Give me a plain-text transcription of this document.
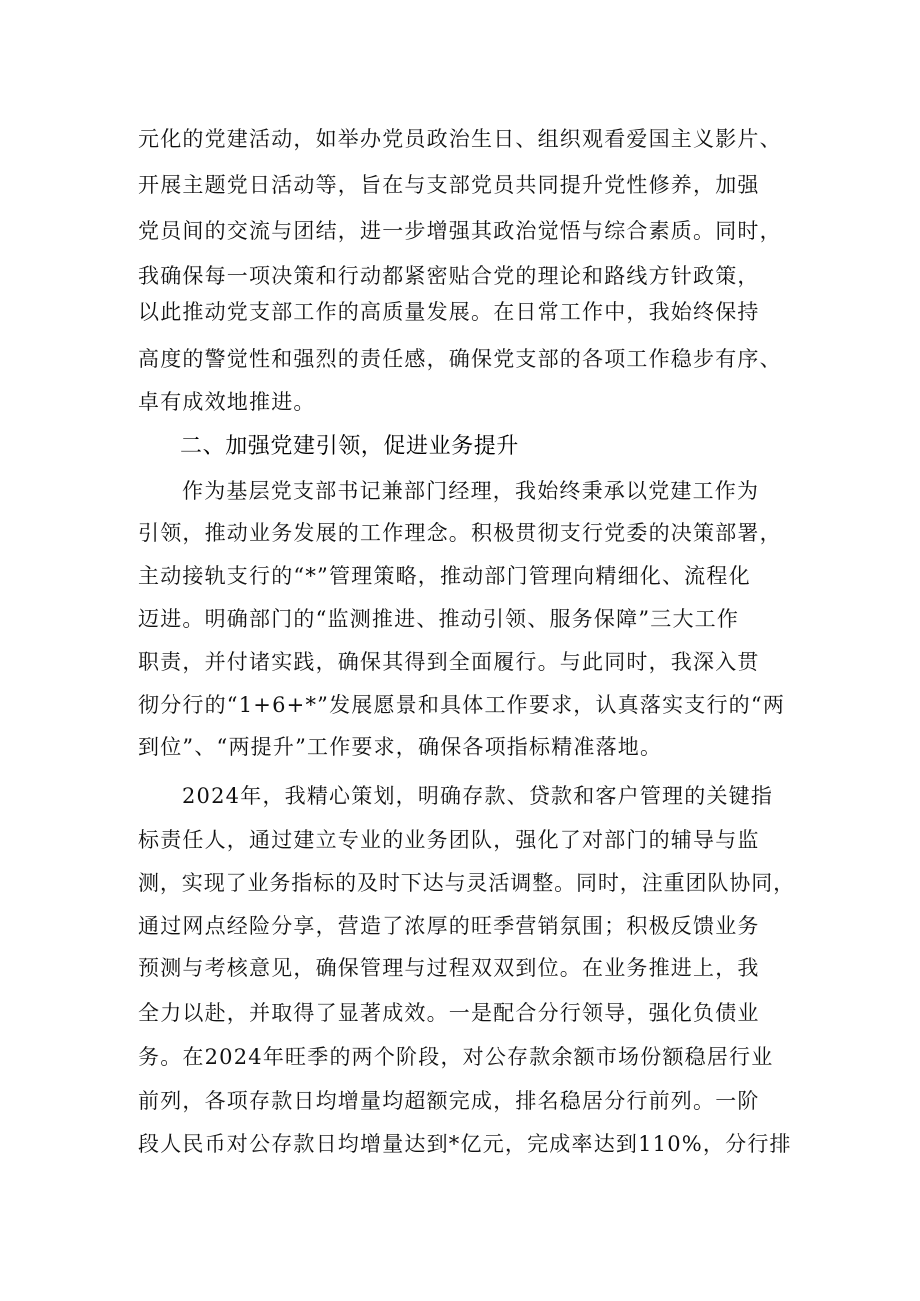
元化的党建活动，如举办党员政治生日、组织观看爱国主义影片、
开展主题党日活动等，旨在与支部党员共同提升党性修养，加强
党员间的交流与团结，进一步增强其政治觉悟与综合素质。同时，
我确保每一项决策和行动都紧密贴合党的理论和路线方针政策，
以此推动党支部工作的高质量发展。在日常工作中，我始终保持
高度的警觉性和强烈的责任感，确保党支部的各项工作稳步有序、
卓有成效地推进。
二、加强党建引领，促进业务提升
作为基层党支部书记兼部门经理，我始终秉承以党建工作为
引领，推动业务发展的工作理念。积极贯彻支行党委的决策部署，
主动接轨支行的“*”管理策略，推动部门管理向精细化、流程化
迈进。明确部门的“监测推进、推动引领、服务保障”三大工作
职责，并付诸实践，确保其得到全面履行。与此同时，我深入贯
彻分行的“1+6+*”发展愿景和具体工作要求，认真落实支行的“两
到位”、“两提升”工作要求，确保各项指标精准落地。
2024年，我精心策划，明确存款、贷款和客户管理的关键指
标责任人，通过建立专业的业务团队，强化了对部门的辅导与监
测，实现了业务指标的及时下达与灵活调整。同时，注重团队协同，
通过网点经险分享，营造了浓厚的旺季营销氛围；积极反馈业务
预测与考核意见，确保管理与过程双双到位。在业务推进上，我
全力以赴，并取得了显著成效。一是配合分行领导，强化负债业
务。在2024年旺季的两个阶段，对公存款余额市场份额稳居行业
前列，各项存款日均增量均超额完成，排名稳居分行前列。一阶
段人民币对公存款日均增量达到*亿元，完成率达到110%，分行排
